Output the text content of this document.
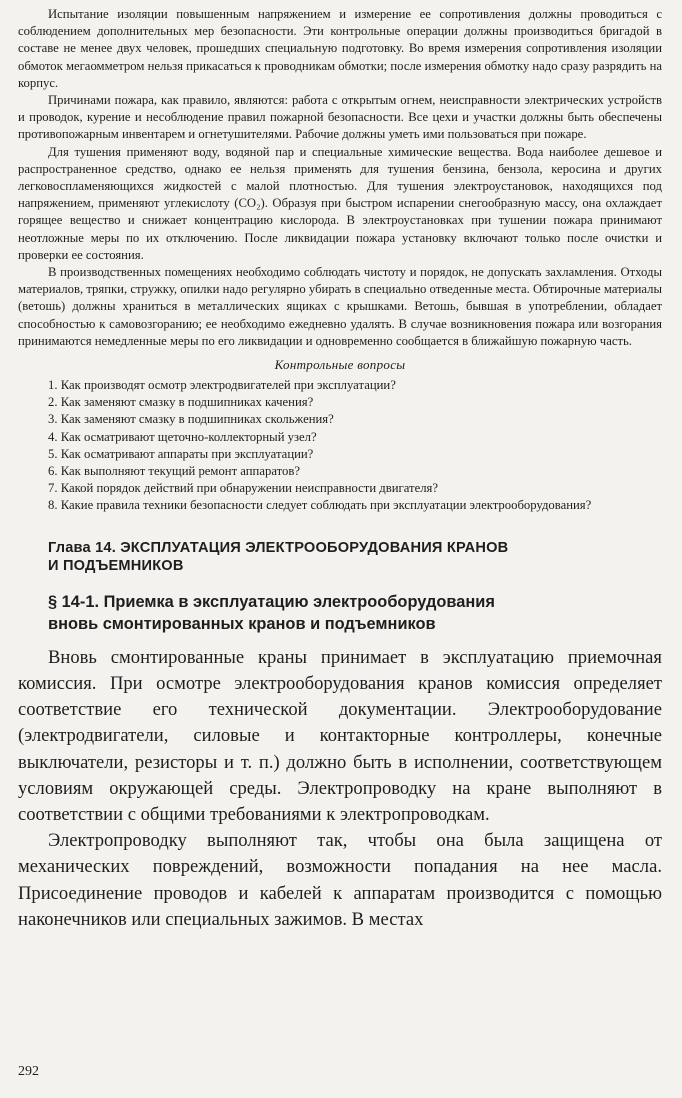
Испытание изоляции повышенным напряжением и измерение ее сопротивления должны проводиться с соблюдением дополнительных мер безопасности. Эти контрольные операции должны производиться бригадой в составе не менее двух человек, прошедших специальную подготовку. Во время измерения сопротивления изоляции обмоток мегаомметром нельзя прикасаться к проводникам обмотки; после измерения обмотку надо сразу разрядить на корпус.

Причинами пожара, как правило, являются: работа с открытым огнем, неисправности электрических устройств и проводок, курение и несоблюдение правил пожарной безопасности. Все цехи и участки должны быть обеспечены противопожарным инвентарем и огнетушителями. Рабочие должны уметь ими пользоваться при пожаре.

Для тушения применяют воду, водяной пар и специальные химические вещества. Вода наиболее дешевое и распространенное средство, однако ее нельзя применять для тушения бензина, бензола, керосина и других легковоспламеняющихся жидкостей с малой плотностью. Для тушения электроустановок, находящихся под напряжением, применяют углекислоту (CO₂). Образуя при быстром испарении снегообразную массу, она охлаждает горящее вещество и снижает концентрацию кислорода. В электроустановках при тушении пожара принимают неотложные меры по их отключению. После ликвидации пожара установку включают только после очистки и проверки ее состояния.

В производственных помещениях необходимо соблюдать чистоту и порядок, не допускать захламления. Отходы материалов, тряпки, стружку, опилки надо регулярно убирать в специально отведенные места. Обтирочные материалы (ветошь) должны храниться в металлических ящиках с крышками. Ветошь, бывшая в употреблении, обладает способностью к самовозгоранию; ее необходимо ежедневно удалять. В случае возникновения пожара или возгорания принимаются немедленные меры по его ликвидации и одновременно сообщается в ближайшую пожарную часть.

Контрольные вопросы
1. Как производят осмотр электродвигателей при эксплуатации?
2. Как заменяют смазку в подшипниках качения?
3. Как заменяют смазку в подшипниках скольжения?
4. Как осматривают щеточно-коллекторный узел?
5. Как осматривают аппараты при эксплуатации?
6. Как выполняют текущий ремонт аппаратов?
7. Какой порядок действий при обнаружении неисправности двигателя?
8. Какие правила техники безопасности следует соблюдать при эксплуатации электрооборудования?
Глава 14. ЭКСПЛУАТАЦИЯ ЭЛЕКТРООБОРУДОВАНИЯ КРАНОВ
И ПОДЪЕМНИКОВ
§ 14-1. Приемка в эксплуатацию электрооборудования
вновь смонтированных кранов и подъемников

Вновь смонтированные краны принимает в эксплуатацию приемочная комиссия. При осмотре электрооборудования кранов комиссия определяет соответствие его технической документации. Электрооборудование (электродвигатели, силовые и контакторные контроллеры, конечные выключатели, резисторы и т. п.) должно быть в исполнении, соответствующем условиям окружающей среды. Электропроводку на кране выполняют в соответствии с общими требованиями к электропроводкам.

Электропроводку выполняют так, чтобы она была защищена от механических повреждений, возможности попадания на нее масла. Присоединение проводов и кабелей к аппаратам производится с помощью наконечников или специальных зажимов. В местах

292
